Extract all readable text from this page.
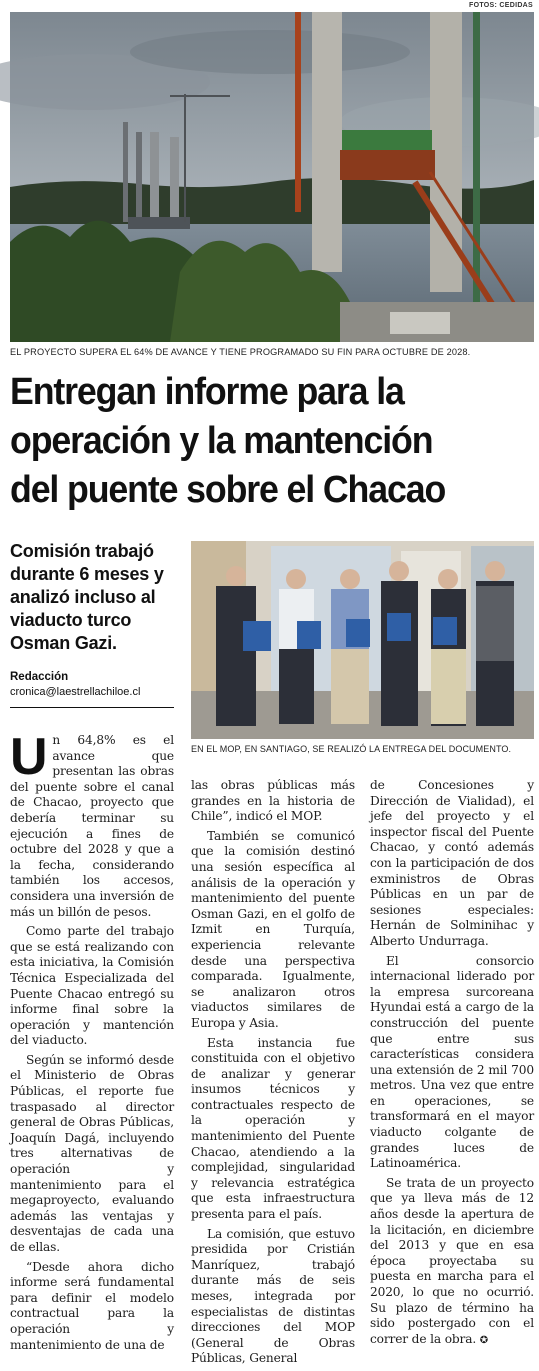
FOTOS: CEDIDAS
EL PROYECTO SUPERA EL 64% DE AVANCE Y TIENE PROGRAMADO SU FIN PARA OCTUBRE DE 2028.
Entregan informe para la
operación y la mantención
del puente sobre el Chacao
Comisión trabajó durante 6 meses y analizó incluso al viaducto turco Osman Gazi.
Redacción
cronica@laestrellachiloe.cl
EN EL MOP, EN SANTIAGO, SE REALIZÓ LA ENTREGA DEL DOCUMENTO.

Un 64,8% es el avance que presentan las obras del puente sobre el canal de Chacao, proyecto que debería terminar su ejecución a fines de octubre del 2028 y que a la fecha, considerando también los accesos, considera una inversión de más un billón de pesos.

Como parte del trabajo que se está realizando con esta iniciativa, la Comisión Técnica Especializada del Puente Chacao entregó su informe final sobre la operación y mantención del viaducto.

Según se informó desde el Ministerio de Obras Públicas, el reporte fue traspasado al director general de Obras Públicas, Joaquín Dagá, incluyendo tres alternativas de operación y mantenimiento para el megaproyecto, evaluando además las ventajas y desventajas de cada una de ellas.

“Desde ahora dicho informe será fundamental para definir el modelo contractual para la operación y mantenimiento de una de

las obras públicas más grandes en la historia de Chile”, indicó el MOP.

También se comunicó que la comisión destinó una sesión específica al análisis de la operación y mantenimiento del puente Osman Gazi, en el golfo de Izmit en Turquía, experiencia relevante desde una perspectiva comparada. Igualmente, se analizaron otros viaductos similares de Europa y Asia.

Esta instancia fue constituida con el objetivo de analizar y generar insumos técnicos y contractuales respecto de la operación y mantenimiento del Puente Chacao, atendiendo a la complejidad, singularidad y relevancia estratégica que esta infraestructura presenta para el país.

La comisión, que estuvo presidida por Cristián Manríquez, trabajó durante más de seis meses, integrada por especialistas de distintas direcciones del MOP (General de Obras Públicas, General

de Concesiones y Dirección de Vialidad), el jefe del proyecto y el inspector fiscal del Puente Chacao, y contó además con la participación de dos exministros de Obras Públicas en un par de sesiones especiales: Hernán de Solminihac y Alberto Undurraga.

El consorcio internacional liderado por la empresa surcoreana Hyundai está a cargo de la construcción del puente que entre sus características considera una extensión de 2 mil 700 metros. Una vez que entre en operaciones, se transformará en el mayor viaducto colgante de grandes luces de Latinoamérica.

Se trata de un proyecto que ya lleva más de 12 años desde la apertura de la licitación, en diciembre del 2013 y que en esa época proyectaba su puesta en marcha para el 2020, lo que no ocurrió. Su plazo de término ha sido postergado con el correr de la obra. ✪
